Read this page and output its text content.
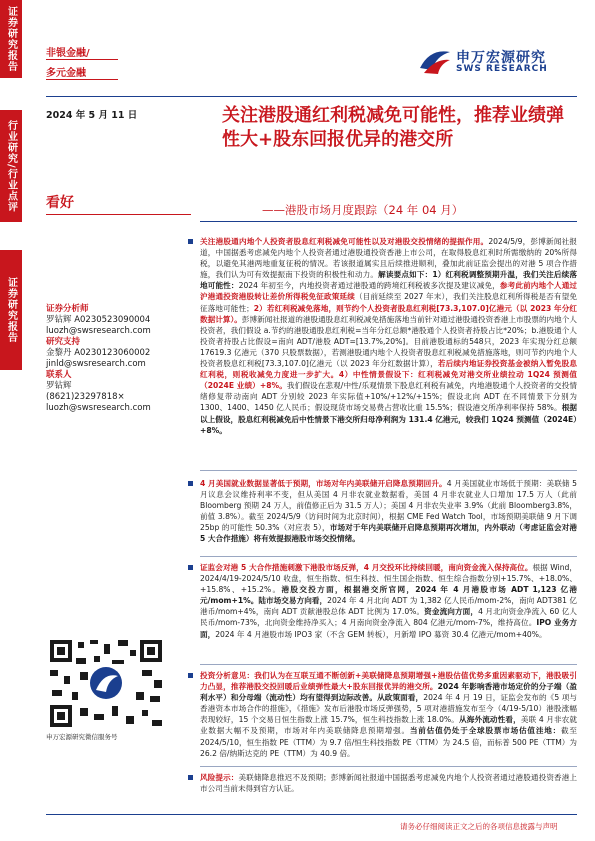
证券研究报告
行业研究/行业点评
证券研究报告
非银金融/
多元金融
申万宏源研究
SWS RESEARCH
2024 年 5 月 11 日	关注港股通红利税减免可能性，推荐业绩弹性大+股东回报优异的港交所
——港股市场月度跟踪（24 年 04 月）
看好
证券分析师
罗钻辉 A0230523090004
luozh@swsresearch.com
研究支持
金黎丹 A0230123060002
jinld@swsresearch.com
联系人
罗钻辉
(8621)23297818×
luozh@swsresearch.com
申万宏源研究微信服务号
关注港股通内地个人投资者股息红利税减免可能性以及对港股交投情绪的提振作用。2024/5/9，彭博新闻社报道，中国据悉考虑减免内地个人投资者通过港股通投资香港上市公司，在取得股息红利时所需缴纳的 20%所得税，以避免其港两地重复征税的情况。若该报道属实且后续推进顺利，叠加此前证监会提出的对港 5 项合作措施，我们认为可有效提振南下投资的积极性和动力。解读要点如下：1）红利税调整预期升温，我们关注后续落地可能性：2024 年初至今，内地投资者通过港股通的跨境红利税被多次提及建议减免，参考此前内地个人通过沪港通投资港股转让差价所得税免征政策延续（目前延续至 2027 年末），我们关注股息红利所得税是否有望免征落地可能性；2）若红利税减免落地，则节约个人投资者股息红利税[73.3,107.0]亿港元（以 2023 年分红数据计算）。彭博新闻社报道的港股通股息红利税减免措施落地当前针对通过港股通投资香港上市股票的内地个人投资者，我们假设 a.节约的港股通股息红利税=当年分红总额*港股通个人投资者持股占比*20%；b.港股通个人投资者持股占比假设=南向 ADT/港股 ADT=[13.7%,20%]。目前港股通标的548只，2023 年实现分红总额 17619.3 亿港元（370 只股票数据），若测港股通内地个人投资者股息红利税减免措施落地，则可节约内地个人投资者股息红利税[73.3,107.0]亿港元（以 2023 年分红数据计算），若后续内地证券投资基金被纳入暂免股息红利税，则税收减免力度进一步扩大。4）中性情景假设下：红利税减免对港交所业绩拉动 1Q24 预测值（2024E 业绩）+8%。我们假设在悲观/中性/乐观情景下股息红利税有减免，内地港股通个人投资者的交投情绪修复带动南向 ADT 分别较 2023 年实际值+10%/+12%/+15%；假设北向 ADT 在不同情景下分别为 1300、1400、1450 亿人民币；假设现货市场交易费占营收比重 15.5%；假设港交所净利率保持 58%。根据以上假设，股息红利税减免后中性情景下港交所归母净利润为 131.4 亿港元，较我们 1Q24 预测值（2024E）+8%。
4 月美国就业数据显著低于预期，市场对年内美联储开启降息预期回升。4 月美国就业市场低于预期：美联储 5 月议息会议维持利率不变，但从美国 4 月非农就业数据看，美国 4 月非农就业人口增加 17.5 万人（此前 Bloomberg 预期 24 万人，前值修正后为 31.5 万人）；美国 4 月非农失业率 3.9%（此前 Bloomberg3.8%，前值 3.8%）。截至 2024/5/9（访问时间为北京时间），根据 CME Fed Watch Tool，市场预期美联储 9 月下调 25bp 的可能性 50.3%（对应表 5），市场对于年内美联储开启降息预期再次增加，内外联动（考虑证监会对港 5 大合作措施）将有效提振港股市场交投情绪。
证监会对港 5 大合作措施刺激下港股市场反弹，4 月交投环比持续回暖，南向资金流入保持高位。根据 Wind，2024/4/19-2024/5/10 收盘，恒生指数、恒生科技、恒生国企指数、恒生综合指数分别+15.7%、+18.0%、+15.8%、+15.2%。港股交投方面，根据港交所官网，2024 年 4 月港股市场 ADT 1,123 亿港元/mom+1%。陆市场交易方向看，2024 年 4 月北向 ADT 为 1,382 亿人民币/mom-2%，南向 ADT381 亿港币/mom+4%，南向 ADT 贡献港股总体 ADT 比例为 17.0%。资金流向方面，4 月北向资金净流入 60 亿人民币/mom-73%，北向资金维持净买入；4 月南向资金净流入 804 亿港元/mom-7%，维持高位。IPO 业务方面，2024 年 4 月港股市场 IPO3 家（不含 GEM 转板），月新增 IPO 募资 30.4 亿港元/mom+40%。
投资分析意见：我们认为在互联互通不断创新+美联储降息预期增强+港股估值优势多重因素驱动下，港股吸引力凸显，推荐港股交投回暖后业绩弹性最大+股东回报优异的港交所。2024 年影响香港市场定价的分子端（盈利水平）和分母端（流动性）均有望得到边际改善。从政策面看，2024 年 4 月 19 日，证监会发布的《5 项与香港资本市场合作的措施》，《措施》发布后港股市场反弹强势，5 项对港措施发布至今（4/19-5/10）港股涨幅表现较好，15 个交易日恒生指数上涨 15.7%，恒生科技指数上涨 18.0%。从海外流动性看，美联 4 月非农就业数据大幅不及预期，市场对年内美联储降息预期增强。当前估值仍处于全球股票市场估值洼地：截至 2024/5/10，恒生指数 PE（TTM）为 9.7 倍/恒生科技指数 PE（TTM）为 24.5 倍，而标普 500 PE（TTM）为 26.2 倍/纳斯达克的 PE（TTM）为 40.9 倍。
风险提示：美联储降息推迟不及预期；彭博新闻社报道中国据悉考虑减免内地个人投资者通过港股通投资香港上市公司当前未得到官方认证。
请务必仔细阅读正文之后的各项信息披露与声明
